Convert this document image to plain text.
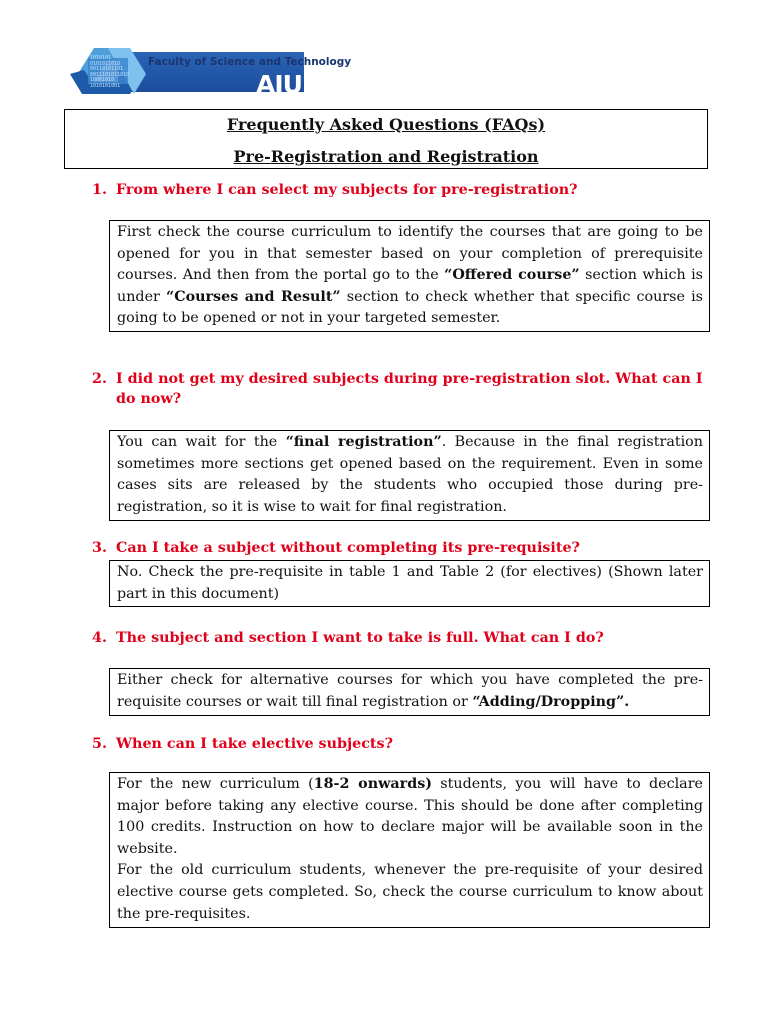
1010101
0101011010
00110101101
0011101011010
10001010
1010101001
Faculty of Science and Technology
AIUB
Frequently Asked Questions (FAQs)
Pre-Registration and Registration
1. From where I can select my subjects for pre-registration?
First check the course curriculum to identify the courses that are going to be opened for you in that semester based on your completion of prerequisite courses. And then from the portal go to the “Offered course” section which is under “Courses and Result” section to check whether that specific course is going to be opened or not in your targeted semester.
2. I did not get my desired subjects during pre-registration slot. What can I do now?
You can wait for the “final registration”. Because in the final registration sometimes more sections get opened based on the requirement. Even in some cases sits are released by the students who occupied those during pre-registration, so it is wise to wait for final registration.
3. Can I take a subject without completing its pre-requisite?
No. Check the pre-requisite in table 1 and Table 2 (for electives) (Shown later part in this document)
4. The subject and section I want to take is full. What can I do?
Either check for alternative courses for which you have completed the pre-requisite courses or wait till final registration or “Adding/Dropping”.
5. When can I take elective subjects?
For the new curriculum (18-2 onwards) students, you will have to declare major before taking any elective course. This should be done after completing 100 credits. Instruction on how to declare major will be available soon in the website.
For the old curriculum students, whenever the pre-requisite of your desired elective course gets completed. So, check the course curriculum to know about the pre-requisites.
